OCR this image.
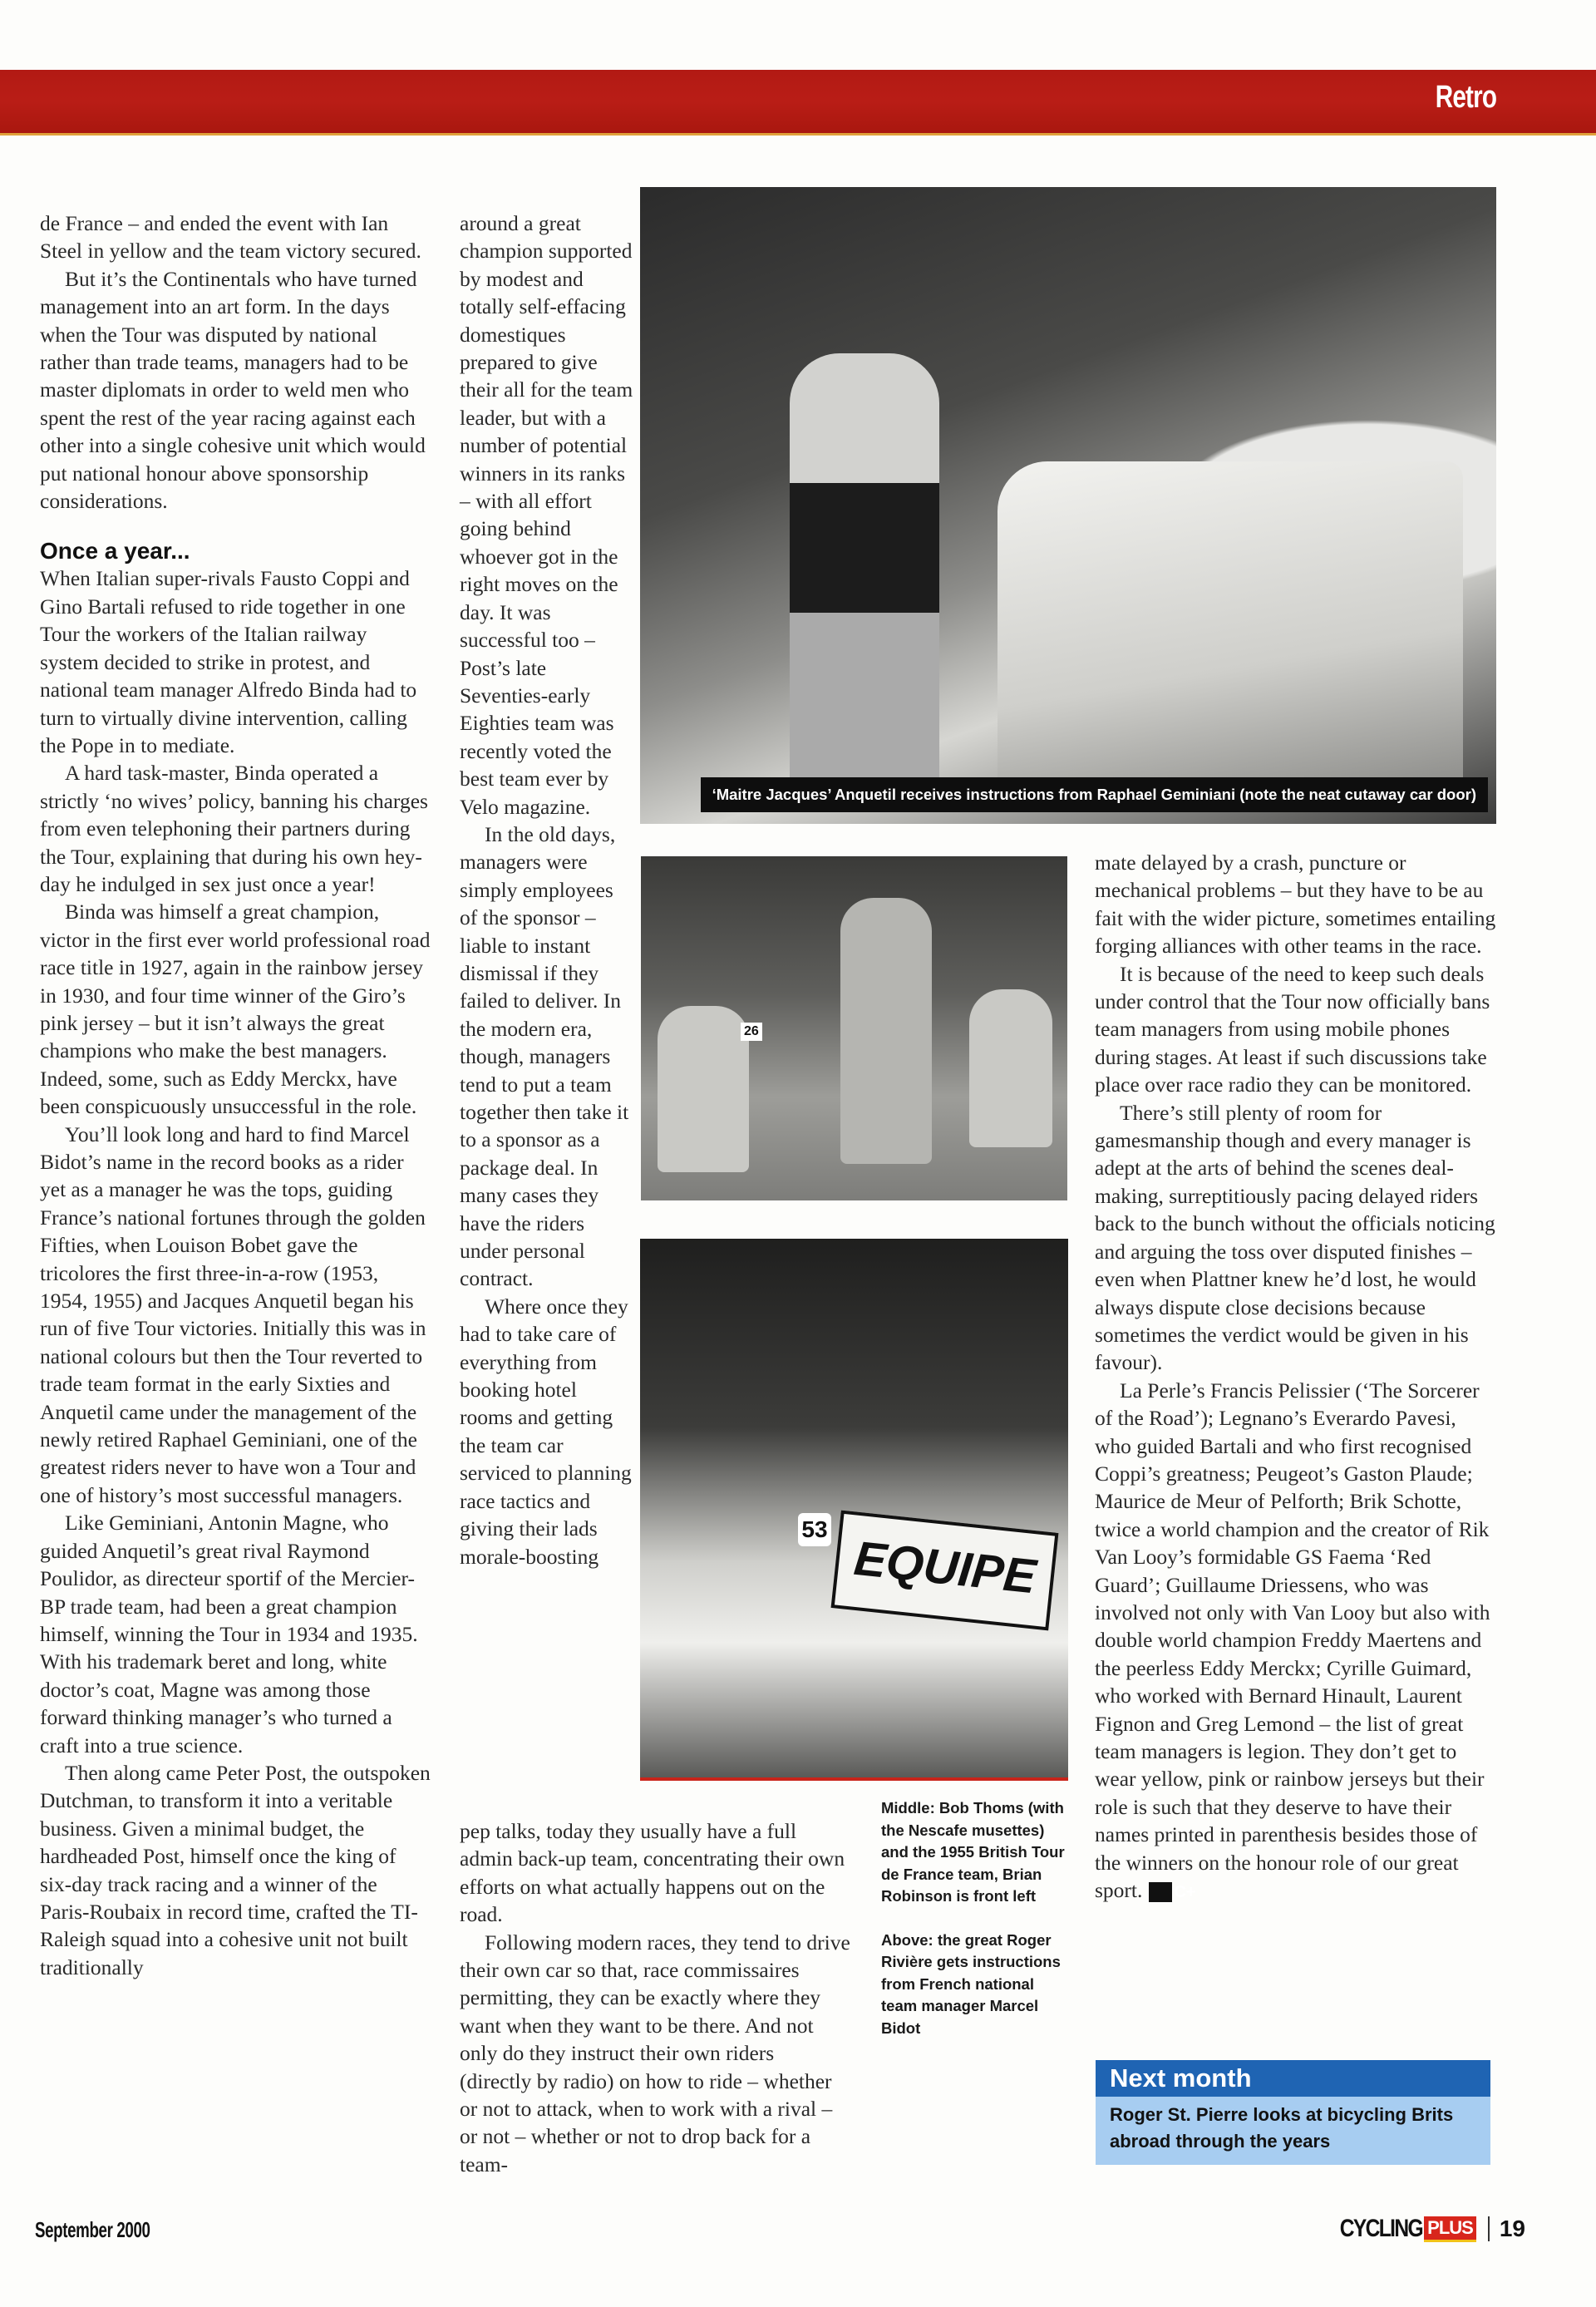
Retro

de France – and ended the event with Ian Steel in yellow and the team victory secured.

But it’s the Continentals who have turned management into an art form. In the days when the Tour was disputed by national rather than trade teams, managers had to be master diplomats in order to weld men who spent the rest of the year racing against each other into a single cohesive unit which would put national honour above sponsorship considerations.

Once a year...

When Italian super-rivals Fausto Coppi and Gino Bartali refused to ride together in one Tour the workers of the Italian railway system decided to strike in protest, and national team manager Alfredo Binda had to turn to virtually divine intervention, calling the Pope in to mediate.

A hard task-master, Binda operated a strictly ‘no wives’ policy, banning his charges from even telephoning their partners during the Tour, explaining that during his own hey-day he indulged in sex just once a year!

Binda was himself a great champion, victor in the first ever world professional road race title in 1927, again in the rainbow jersey in 1930, and four time winner of the Giro’s pink jersey – but it isn’t always the great champions who make the best managers. Indeed, some, such as Eddy Merckx, have been conspicuously unsuccessful in the role.

You’ll look long and hard to find Marcel Bidot’s name in the record books as a rider yet as a manager he was the tops, guiding France’s national fortunes through the golden Fifties, when Louison Bobet gave the tricolores the first three-in-a-row (1953, 1954, 1955) and Jacques Anquetil began his run of five Tour victories. Initially this was in national colours but then the Tour reverted to trade team format in the early Sixties and Anquetil came under the management of the newly retired Raphael Geminiani, one of the greatest riders never to have won a Tour and one of history’s most successful managers.

Like Geminiani, Antonin Magne, who guided Anquetil’s great rival Raymond Poulidor, as directeur sportif of the Mercier-BP trade team, had been a great champion himself, winning the Tour in 1934 and 1935. With his trademark beret and long, white doctor’s coat, Magne was among those forward thinking manager’s who turned a craft into a true science.

Then along came Peter Post, the outspoken Dutchman, to transform it into a veritable business. Given a minimal budget, the hardheaded Post, himself once the king of six-day track racing and a winner of the Paris-Roubaix in record time, crafted the TI-Raleigh squad into a cohesive unit not built traditionally

around a great champion supported by modest and totally self-effacing domestiques prepared to give their all for the team leader, but with a number of potential winners in its ranks – with all effort going behind whoever got in the right moves on the day. It was successful too – Post’s late Seventies-early Eighties team was recently voted the best team ever by Velo magazine.

In the old days, managers were simply employees of the sponsor – liable to instant dismissal if they failed to deliver. In the modern era, though, managers tend to put a team together then take it to a sponsor as a package deal. In many cases they have the riders under personal contract.

Where once they had to take care of everything from booking hotel rooms and getting the team car serviced to planning race tactics and giving their lads morale-boosting

pep talks, today they usually have a full admin back-up team, concentrating their own efforts on what actually happens out on the road.

Following modern races, they tend to drive their own car so that, race commissaires permitting, they can be exactly where they want when they want to be there. And not only do they instruct their own riders (directly by radio) on how to ride – whether or not to attack, when to work with a rival – or not – whether or not to drop back for a team-

mate delayed by a crash, puncture or mechanical problems – but they have to be au fait with the wider picture, sometimes entailing forging alliances with other teams in the race.

It is because of the need to keep such deals under control that the Tour now officially bans team managers from using mobile phones during stages. At least if such discussions take place over race radio they can be monitored.

There’s still plenty of room for gamesmanship though and every manager is adept at the arts of behind the scenes deal-making, surreptitiously pacing delayed riders back to the bunch without the officials noticing and arguing the toss over disputed finishes – even when Plattner knew he’d lost, he would always dispute close decisions because sometimes the verdict would be given in his favour).

La Perle’s Francis Pelissier (‘The Sorcerer of the Road’); Legnano’s Everardo Pavesi, who guided Bartali and who first recognised Coppi’s greatness; Peugeot’s Gaston Plaude; Maurice de Meur of Pelforth; Brik Schotte, twice a world champion and the creator of Rik Van Looy’s formidable GS Faema ‘Red Guard’; Guillaume Driessens, who was involved not only with Van Looy but also with double world champion Freddy Maertens and the peerless Eddy Merckx; Cyrille Guimard, who worked with Bernard Hinault, Laurent Fignon and Greg Lemond – the list of great team managers is legion. They don’t get to wear yellow, pink or rainbow jerseys but their role is such that they deserve to have their names printed in parenthesis besides those of the winners on the honour role of our great sport. C+

‘Maitre Jacques’ Anquetil receives instructions from Raphael Geminiani (note the neat cutaway car door)
26
53
EQUIPE

Middle: Bob Thoms (with the Nescafe musettes) and the 1955 British Tour de France team, Brian Robinson is front left

Above: the great Roger Rivière gets instructions from French national team manager Marcel Bidot

Next month
Roger St. Pierre looks at bicycling Brits abroad through the years
September 2000	CYCLING PLUS 19
